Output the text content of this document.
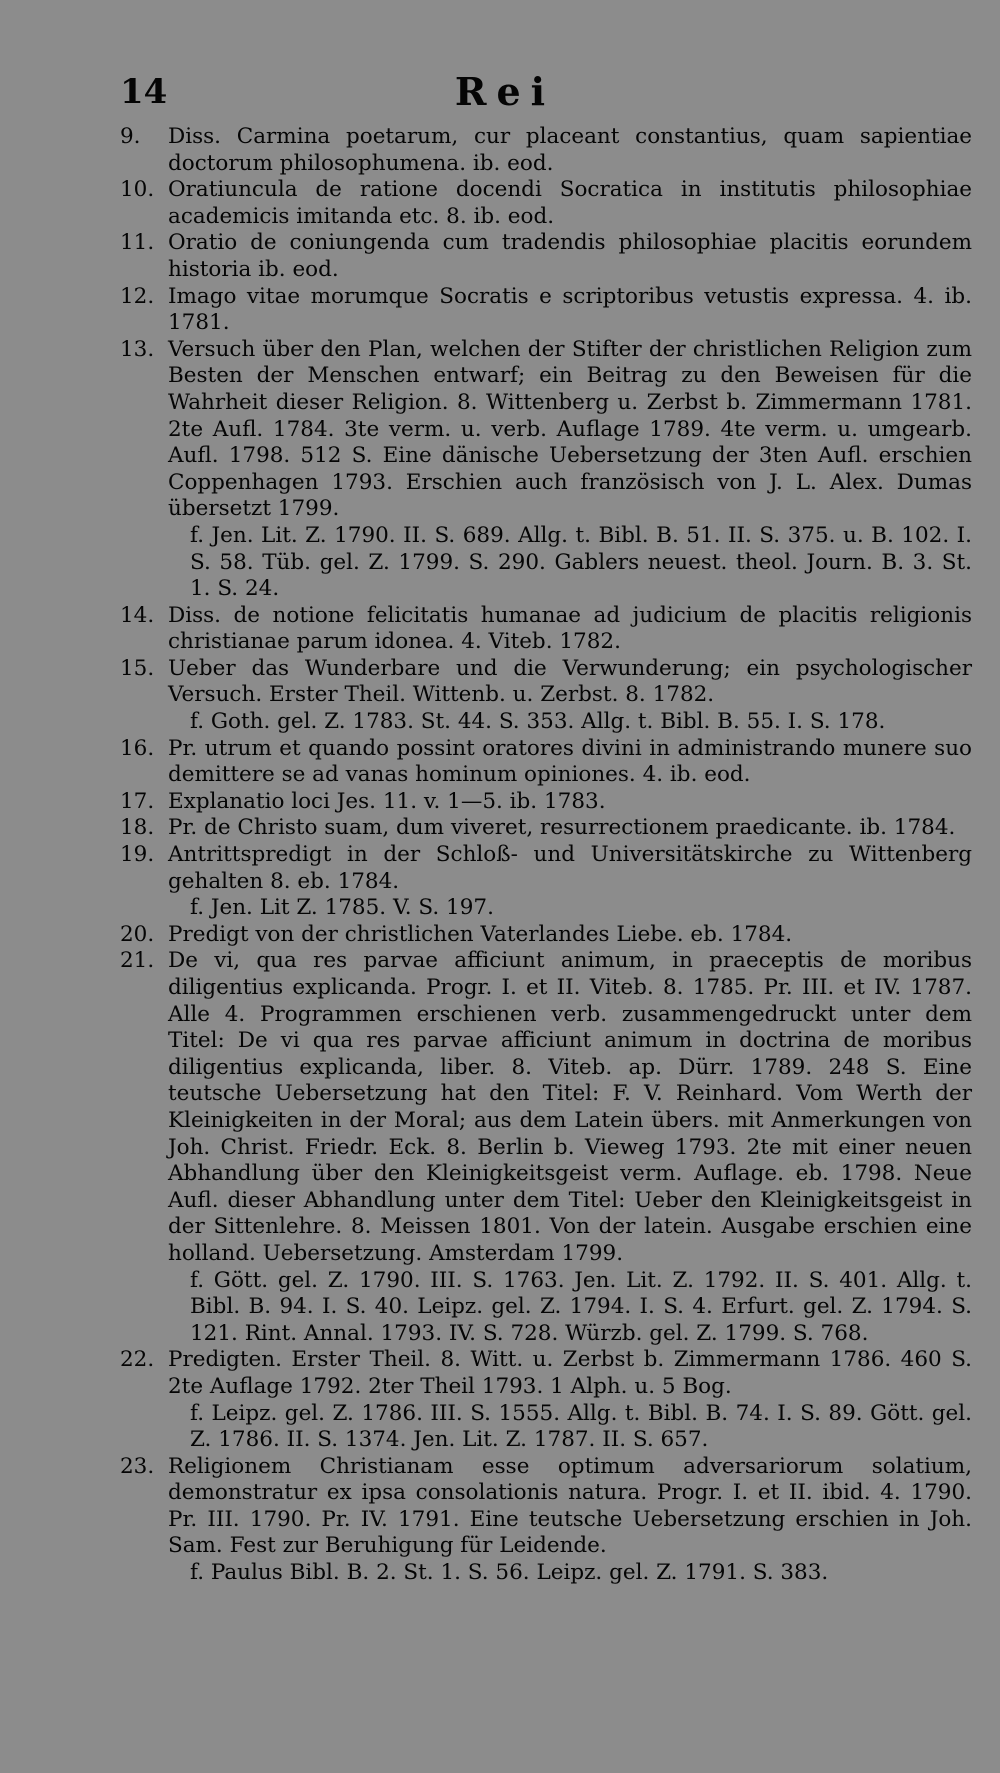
14	Rei
9.	Diss. Carmina poetarum, cur placeant constantius, quam sapientiae doctorum philosophumena. ib. eod.
10. Oratiuncula de ratione docendi Socratica in institutis philosophiae academicis imitanda etc. 8. ib. eod.
11. Oratio de coniungenda cum tradendis philosophiae placitis eorundem historia ib. eod.
12. Imago vitae morumque Socratis e scriptoribus vetustis expressa. 4. ib. 1781.
13. Versuch über den Plan, welchen der Stifter der christlichen Religion zum Besten der Menschen entwarf; ein Beitrag zu den Beweisen für die Wahrheit dieser Religion. 8. Wittenberg u. Zerbst b. Zimmermann 1781. 2te Aufl. 1784. 3te verm. u. verb. Auflage 1789. 4te verm. u. umgearb. Aufl. 1798. 512 S. Eine dänische Uebersetzung der 3ten Aufl. erschien Coppenhagen 1793. Erschien auch französisch von J. L. Alex. Dumas übersetzt 1799.
f. Jen. Lit. Z. 1790. II. S. 689. Allg. t. Bibl. B. 51. II. S. 375. u. B. 102. I. S. 58. Tüb. gel. Z. 1799. S. 290. Gablers neuest. theol. Journ. B. 3. St. 1. S. 24.
14. Diss. de notione felicitatis humanae ad judicium de placitis religionis christianae parum idonea. 4. Viteb. 1782.
15. Ueber das Wunderbare und die Verwunderung; ein psychologischer Versuch. Erster Theil. Wittenb. u. Zerbst. 8. 1782.
f. Goth. gel. Z. 1783. St. 44. S. 353. Allg. t. Bibl. B. 55. I. S. 178.
16. Pr. utrum et quando possint oratores divini in administrando munere suo demittere se ad vanas hominum opiniones. 4. ib. eod.
17. Explanatio loci Jes. 11. v. 1—5. ib. 1783.
18. Pr. de Christo suam, dum viveret, resurrectionem praedicante. ib. 1784.
19. Antrittspredigt in der Schloß- und Universitätskirche zu Wittenberg gehalten 8. eb. 1784.
f. Jen. Lit Z. 1785. V. S. 197.
20. Predigt von der christlichen Vaterlandes Liebe. eb. 1784.
21. De vi, qua res parvae afficiunt animum, in praeceptis de moribus diligentius explicanda. Progr. I. et II. Viteb. 8. 1785. Pr. III. et IV. 1787. Alle 4. Programmen erschienen verb. zusammengedruckt unter dem Titel: De vi qua res parvae afficiunt animum in doctrina de moribus diligentius explicanda, liber. 8. Viteb. ap. Dürr. 1789. 248 S. Eine teutsche Uebersetzung hat den Titel: F. V. Reinhard. Vom Werth der Kleinigkeiten in der Moral; aus dem Latein übers. mit Anmerkungen von Joh. Christ. Friedr. Eck. 8. Berlin b. Vieweg 1793. 2te mit einer neuen Abhandlung über den Kleinigkeitsgeist verm. Auflage. eb. 1798. Neue Aufl. dieser Abhandlung unter dem Titel: Ueber den Kleinigkeitsgeist in der Sittenlehre. 8. Meissen 1801. Von der latein. Ausgabe erschien eine holland. Uebersetzung. Amsterdam 1799.
f. Gött. gel. Z. 1790. III. S. 1763. Jen. Lit. Z. 1792. II. S. 401. Allg. t. Bibl. B. 94. I. S. 40. Leipz. gel. Z. 1794. I. S. 4. Erfurt. gel. Z. 1794. S. 121. Rint. Annal. 1793. IV. S. 728. Würzb. gel. Z. 1799. S. 768.
22. Predigten. Erster Theil. 8. Witt. u. Zerbst b. Zimmermann 1786. 460 S. 2te Auflage 1792. 2ter Theil 1793. 1 Alph. u. 5 Bog.
f. Leipz. gel. Z. 1786. III. S. 1555. Allg. t. Bibl. B. 74. I. S. 89. Gött. gel. Z. 1786. II. S. 1374. Jen. Lit. Z. 1787. II. S. 657.
23. Religionem Christianam esse optimum adversariorum solatium, demonstratur ex ipsa consolationis natura. Progr. I. et II. ibid. 4. 1790. Pr. III. 1790. Pr. IV. 1791. Eine teutsche Uebersetzung erschien in Joh. Sam. Fest zur Beruhigung für Leidende.
f. Paulus Bibl. B. 2. St. 1. S. 56. Leipz. gel. Z. 1791. S. 383.
